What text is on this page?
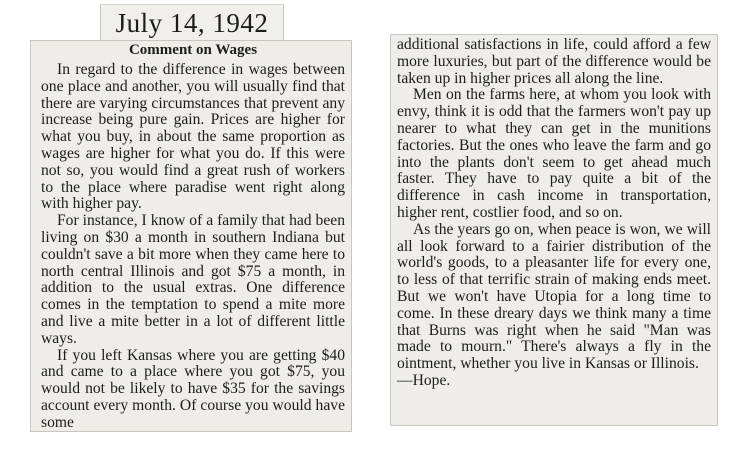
July 14, 1942
Comment on Wages

In regard to the difference in wages between one place and another, you will usually find that there are varying circumstances that prevent any increase being pure gain. Prices are higher for what you buy, in about the same proportion as wages are higher for what you do. If this were not so, you would find a great rush of workers to the place where paradise went right along with higher pay.

For instance, I know of a family that had been living on $30 a month in southern Indiana but couldn't save a bit more when they came here to north central Illinois and got $75 a month, in addition to the usual extras. One difference comes in the temptation to spend a mite more and live a mite better in a lot of different little ways.

If you left Kansas where you are getting $40 and came to a place where you got $75, you would not be likely to have $35 for the savings account every month. Of course you would have some

additional satisfactions in life, could afford a few more luxuries, but part of the difference would be taken up in higher prices all along the line.

Men on the farms here, at whom you look with envy, think it is odd that the farmers won't pay up nearer to what they can get in the munitions factories. But the ones who leave the farm and go into the plants don't seem to get ahead much faster. They have to pay quite a bit of the difference in cash income in transportation, higher rent, costlier food, and so on.

As the years go on, when peace is won, we will all look forward to a fairier distribution of the world's goods, to a pleasanter life for every one, to less of that terrific strain of making ends meet. But we won't have Utopia for a long time to come. In these dreary days we think many a time that Burns was right when he said "Man was made to mourn." There's always a fly in the ointment, whether you live in Kansas or Illinois.

—Hope.
